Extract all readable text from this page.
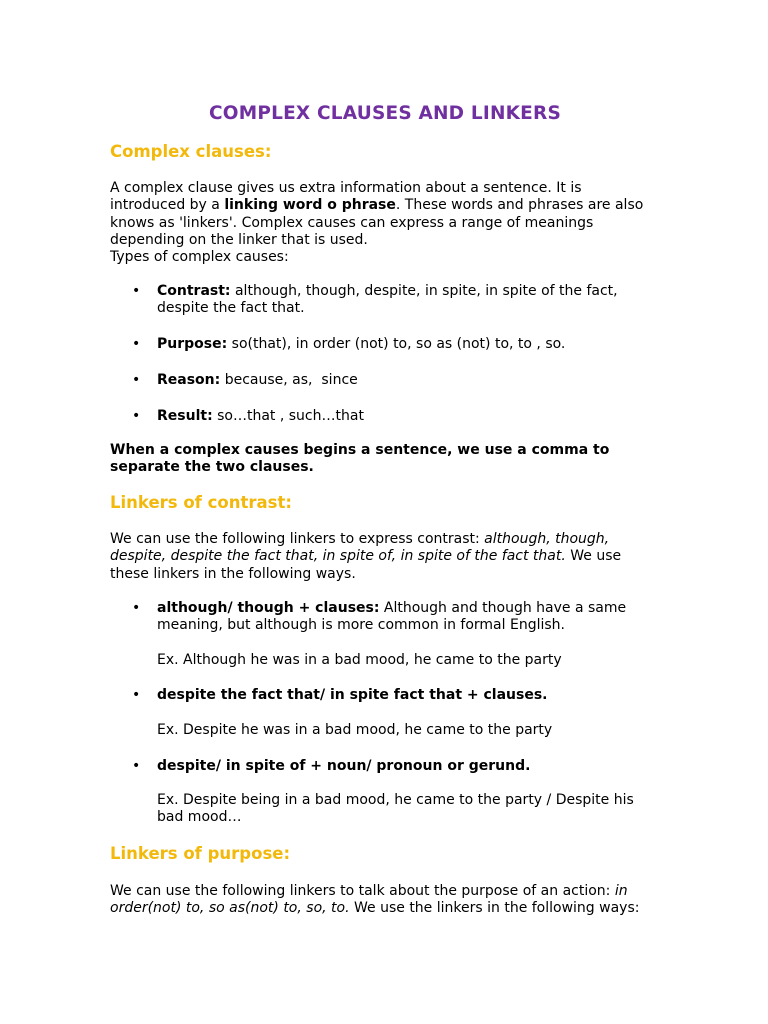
COMPLEX CLAUSES AND LINKERS
Complex clauses:

A complex clause gives us extra information about a sentence. It is introduced by a linking word o phrase. These words and phrases are also knows as 'linkers'. Complex causes can express a range of meanings depending on the linker that is used.
Types of complex causes:

• Contrast: although, though, despite, in spite, in spite of the fact, despite the fact that.
• Purpose: so(that), in order (not) to, so as (not) to, to , so.
• Reason: because, as,  since
• Result: so…that , such…that

When a complex causes begins a sentence, we use a comma to separate the two clauses.

Linkers of contrast:

We can use the following linkers to express contrast: although, though, despite, despite the fact that, in spite of, in spite of the fact that. We use these linkers in the following ways.

• although/ though + clauses: Although and though have a same meaning, but although is more common in formal English.

Ex. Although he was in a bad mood, he came to the party

• despite the fact that/ in spite fact that + clauses.

Ex. Despite he was in a bad mood, he came to the party

• despite/ in spite of + noun/ pronoun or gerund.

Ex. Despite being in a bad mood, he came to the party / Despite his bad mood…

Linkers of purpose:

We can use the following linkers to talk about the purpose of an action: in order(not) to, so as(not) to, so, to. We use the linkers in the following ways:
